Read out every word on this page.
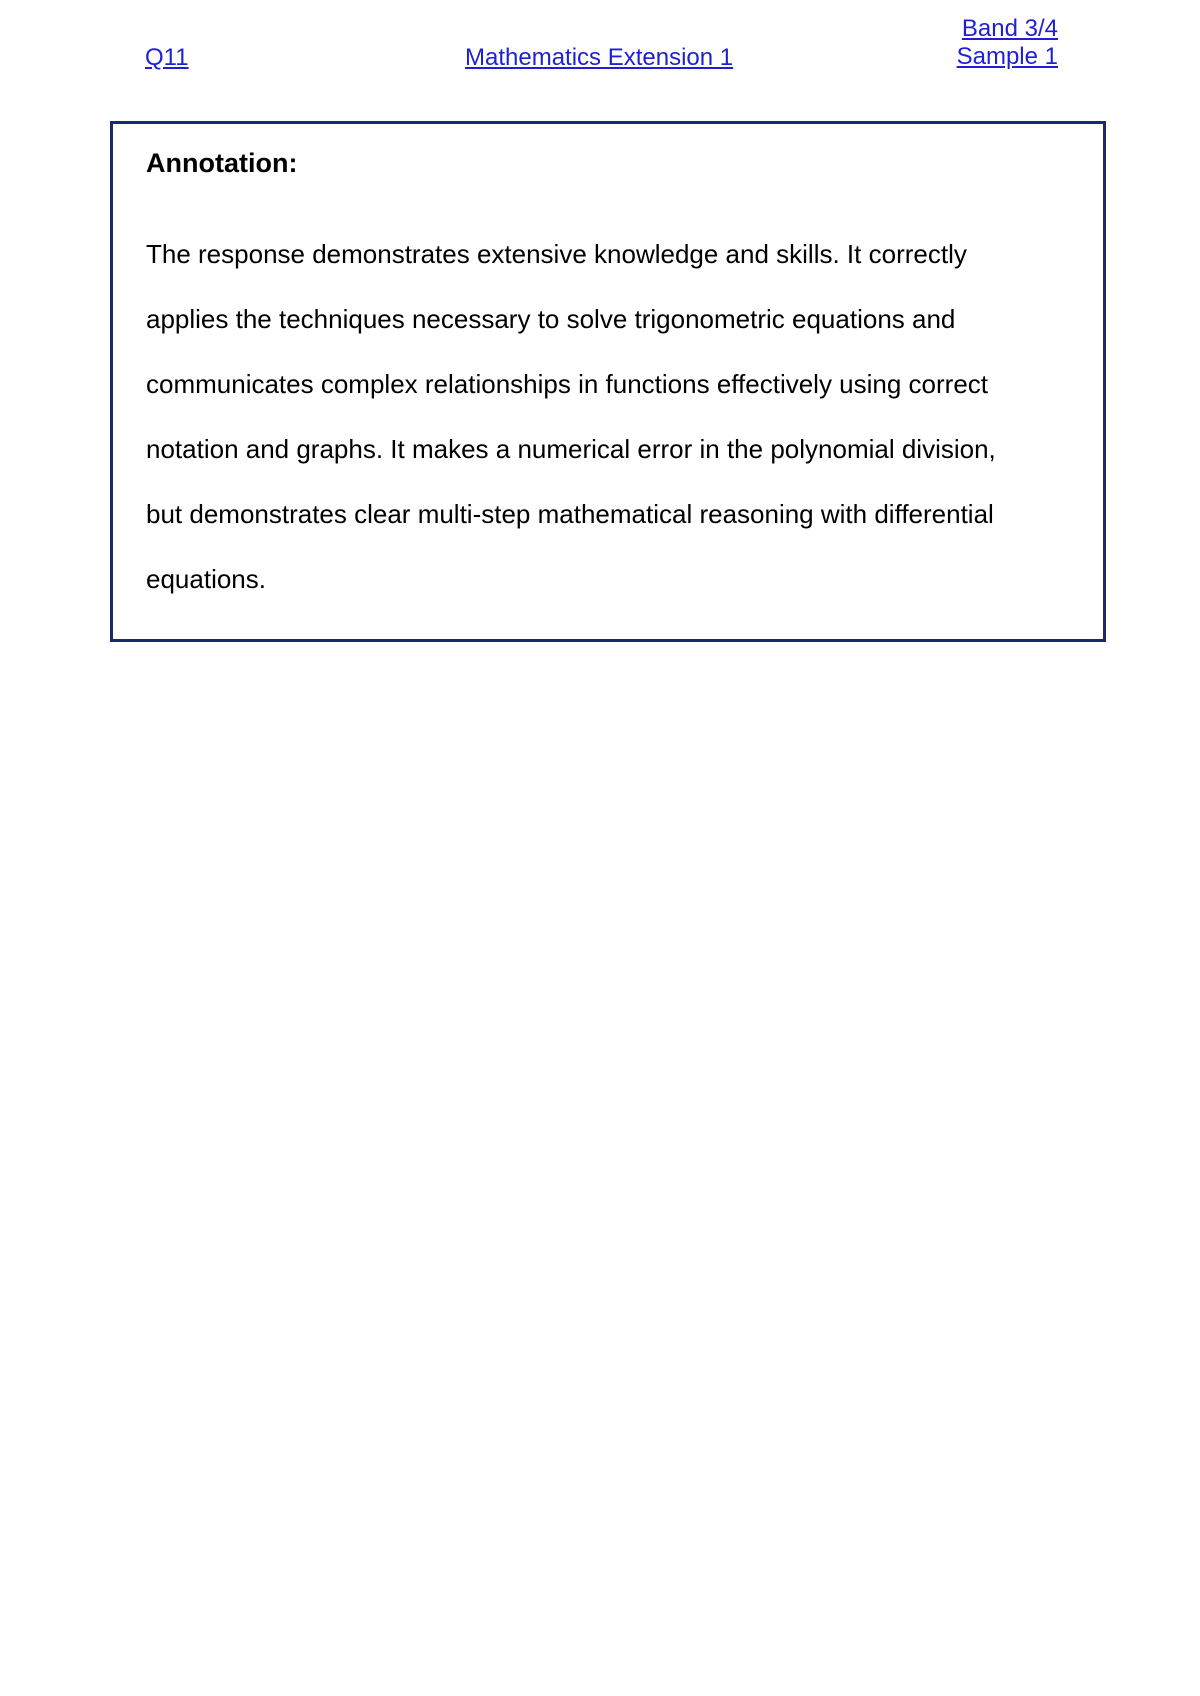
Q11	Mathematics Extension 1
Band 3/4
Sample 1

Annotation:

The response demonstrates extensive knowledge and skills. It correctly applies the techniques necessary to solve trigonometric equations and communicates complex relationships in functions effectively using correct notation and graphs. It makes a numerical error in the polynomial division, but demonstrates clear multi-step mathematical reasoning with differential equations.
